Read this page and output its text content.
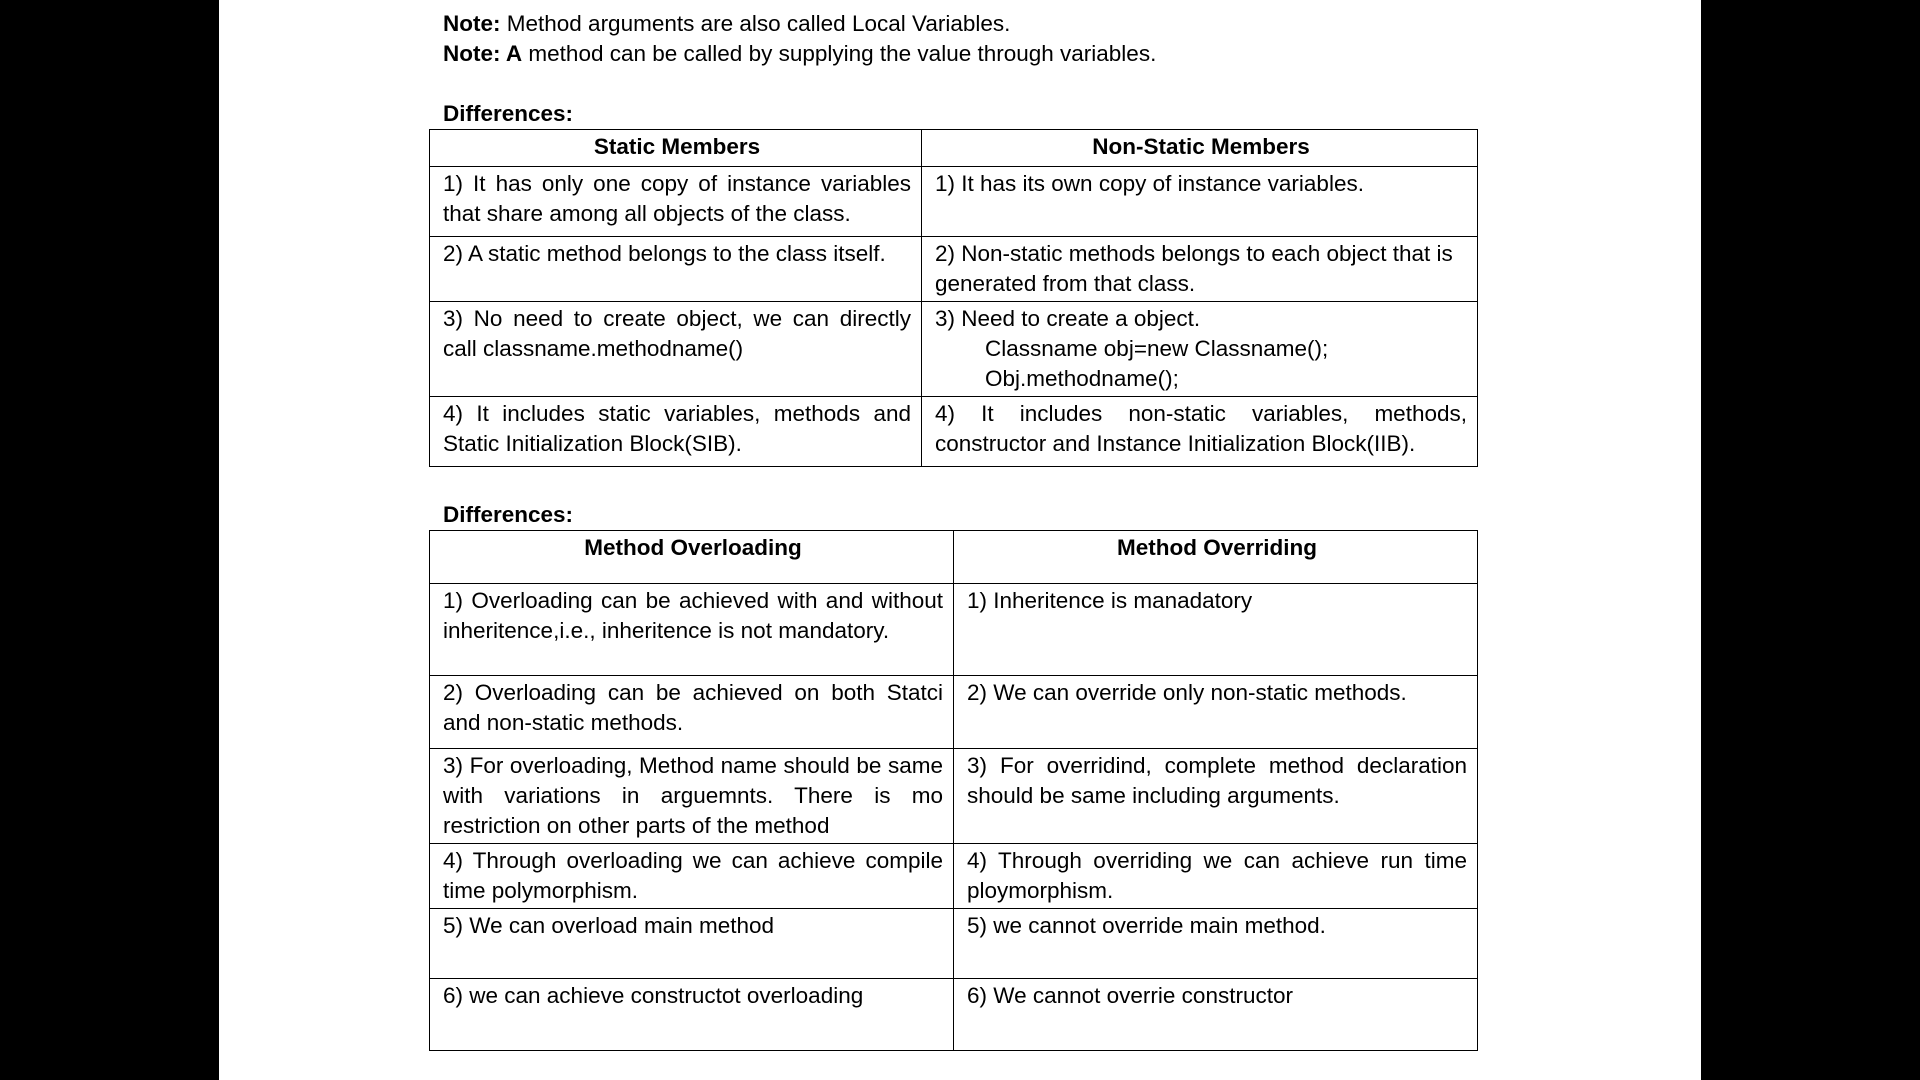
Note: Method arguments are also called Local Variables.

Note: A method can be called by supplying the value through variables.

Differences:

Static Members	Non-Static Members
1) It has only one copy of instance variables that share among all objects of the class.	1) It has its own copy of instance variables.
2) A static method belongs to the class itself.	2) Non-static methods belongs to each object that is generated from that class.
3) No need to create object, we can directly call classname.methodname()	3) Need to create a object.
Classname obj=new Classname();
Obj.methodname();

4) It includes static variables, methods and Static Initialization Block(SIB).	4) It includes non-static variables, methods, constructor and Instance Initialization Block(IIB).

Differences:

Method Overloading	Method Overriding
1) Overloading can be achieved with and without inheritence,i.e., inheritence is not mandatory.	1) Inheritence is manadatory
2) Overloading can be achieved on both Statci and non-static methods.	2) We can override only non-static methods.
3) For overloading, Method name should be same with variations in arguemnts. There is mo restriction on other parts of the method	3) For overridind, complete method declaration should be same including arguments.
4) Through overloading we can achieve compile time polymorphism.	4) Through overriding we can achieve run time ploymorphism.
5) We can overload main method	5) we cannot override main method.
6) we can achieve constructot overloading	6) We cannot overrie constructor
